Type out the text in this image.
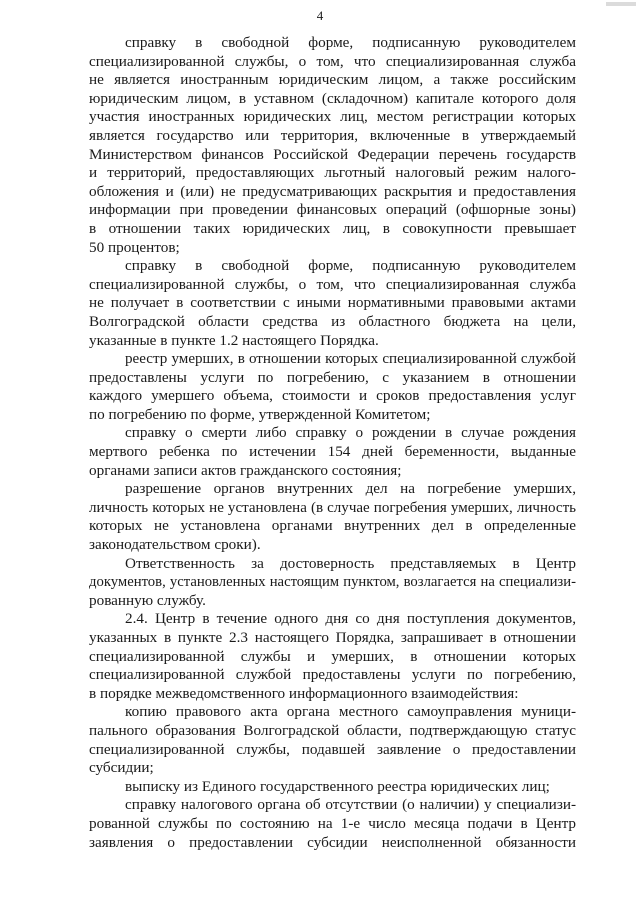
4
справку в свободной форме, подписанную руководителем
специализированной службы, о том, что специализированная служба
не является иностранным юридическим лицом, а также российским
юридическим лицом, в уставном (складочном) капитале которого доля
участия иностранных юридических лиц, местом регистрации которых
является государство или территория, включенные в утверждаемый
Министерством финансов Российской Федерации перечень государств
и территорий, предоставляющих льготный налоговый режим налого-
обложения и (или) не предусматривающих раскрытия и предоставления
информации при проведении финансовых операций (офшорные зоны)
в отношении таких юридических лиц, в совокупности превышает
50 процентов;
справку в свободной форме, подписанную руководителем
специализированной службы, о том, что специализированная служба
не получает в соответствии с иными нормативными правовыми актами
Волгоградской области средства из областного бюджета на цели,
указанные в пункте 1.2 настоящего Порядка.
реестр умерших, в отношении которых специализированной службой
предоставлены услуги по погребению, с указанием в отношении
каждого умершего объема, стоимости и сроков предоставления услуг
по погребению по форме, утвержденной Комитетом;
справку о смерти либо справку о рождении в случае рождения
мертвого ребенка по истечении 154 дней беременности, выданные
органами записи актов гражданского состояния;
разрешение органов внутренних дел на погребение умерших,
личность которых не установлена (в случае погребения умерших, личность
которых не установлена органами внутренних дел в определенные
законодательством сроки).
Ответственность за достоверность представляемых в Центр
документов, установленных настоящим пунктом, возлагается на специализи-
рованную службу.
2.4. Центр в течение одного дня со дня поступления документов,
указанных в пункте 2.3 настоящего Порядка, запрашивает в отношении
специализированной службы и умерших, в отношении которых
специализированной службой предоставлены услуги по погребению,
в порядке межведомственного информационного взаимодействия:
копию правового акта органа местного самоуправления муници-
пального образования Волгоградской области, подтверждающую статус
специализированной службы, подавшей заявление о предоставлении
субсидии;
выписку из Единого государственного реестра юридических лиц;
справку налогового органа об отсутствии (о наличии) у специализи-
рованной службы по состоянию на 1-е число месяца подачи в Центр
заявления о предоставлении субсидии неисполненной обязанности
